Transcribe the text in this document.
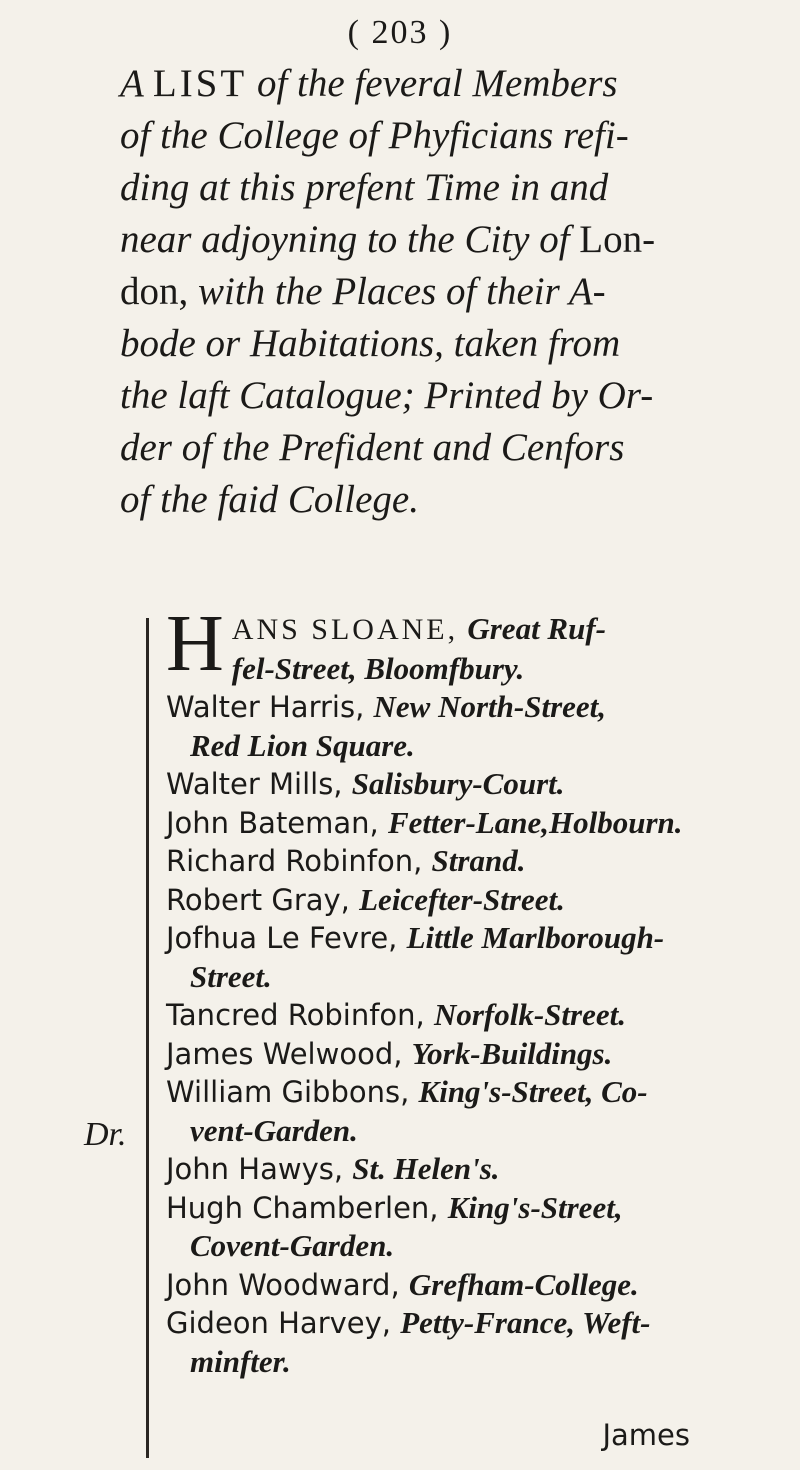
( 203 )
A LIST of the feveral Members
of the College of Phyficians refi-
ding at this prefent Time in and
near adjoyning to the City of Lon-
don, with the Places of their A-
bode or Habitations, taken from
the laft Catalogue; Printed by Or-
der of the Prefident and Cenfors
of the faid College.
Dr.

H ANS SLOANE, Great Ruf-
fel-Street, Bloomfbury.

Walter Harris, New North-Street,
Red Lion Square.

Walter Mills, Salisbury-Court.

John Bateman, Fetter-Lane,Holbourn.

Richard Robinfon, Strand.

Robert Gray, Leicefter-Street.

Jofhua Le Fevre, Little Marlborough-
Street.

Tancred Robinfon, Norfolk-Street.

James Welwood, York-Buildings.

William Gibbons, King's-Street, Co-
vent-Garden.

John Hawys, St. Helen's.

Hugh Chamberlen, King's-Street,
Covent-Garden.

John Woodward, Grefham-College.

Gideon Harvey, Petty-France, Weft-
minfter.

James
